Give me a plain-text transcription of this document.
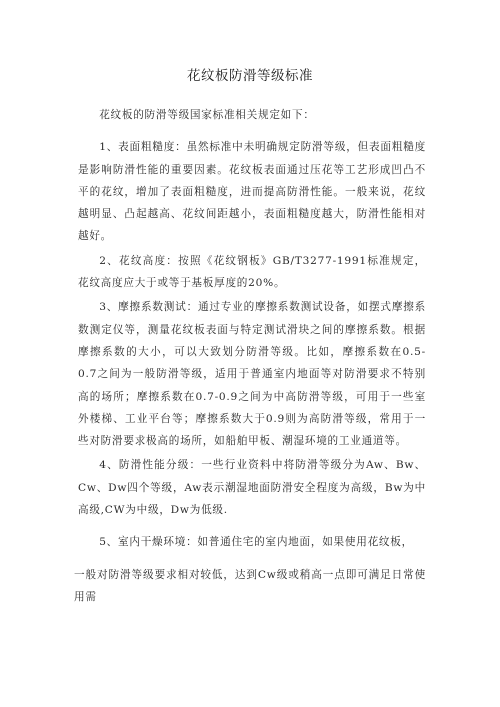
花纹板防滑等级标准

花纹板的防滑等级国家标准相关规定如下：

1、表面粗糙度：虽然标准中未明确规定防滑等级，但表面粗糙度是影响防滑性能的重要因素。花纹板表面通过压花等工艺形成凹凸不平的花纹，增加了表面粗糙度，进而提高防滑性能。一般来说，花纹越明显、凸起越高、花纹间距越小，表面粗糙度越大，防滑性能相对越好。

2、花纹高度：按照《花纹钢板》GB/T3277-1991标准规定，花纹高度应大于或等于基板厚度的20%。

3、摩擦系数测试：通过专业的摩擦系数测试设备，如摆式摩擦系数测定仪等，测量花纹板表面与特定测试滑块之间的摩擦系数。根据摩擦系数的大小，可以大致划分防滑等级。比如，摩擦系数在0.5-0.7之间为一般防滑等级，适用于普通室内地面等对防滑要求不特别高的场所；摩擦系数在0.7-0.9之间为中高防滑等级，可用于一些室外楼梯、工业平台等；摩擦系数大于0.9则为高防滑等级，常用于一些对防滑要求极高的场所，如船舶甲板、潮湿环境的工业通道等。

4、防滑性能分级：一些行业资料中将防滑等级分为Aw、Bw、Cw、Dw四个等级，Aw表示潮湿地面防滑安全程度为高级，Bw为中高级,CW为中级，Dw为低级.

5、室内干燥环境：如普通住宅的室内地面，如果使用花纹板，

一般对防滑等级要求相对较低，达到Cw级或稍高一点即可满足日常使用需
